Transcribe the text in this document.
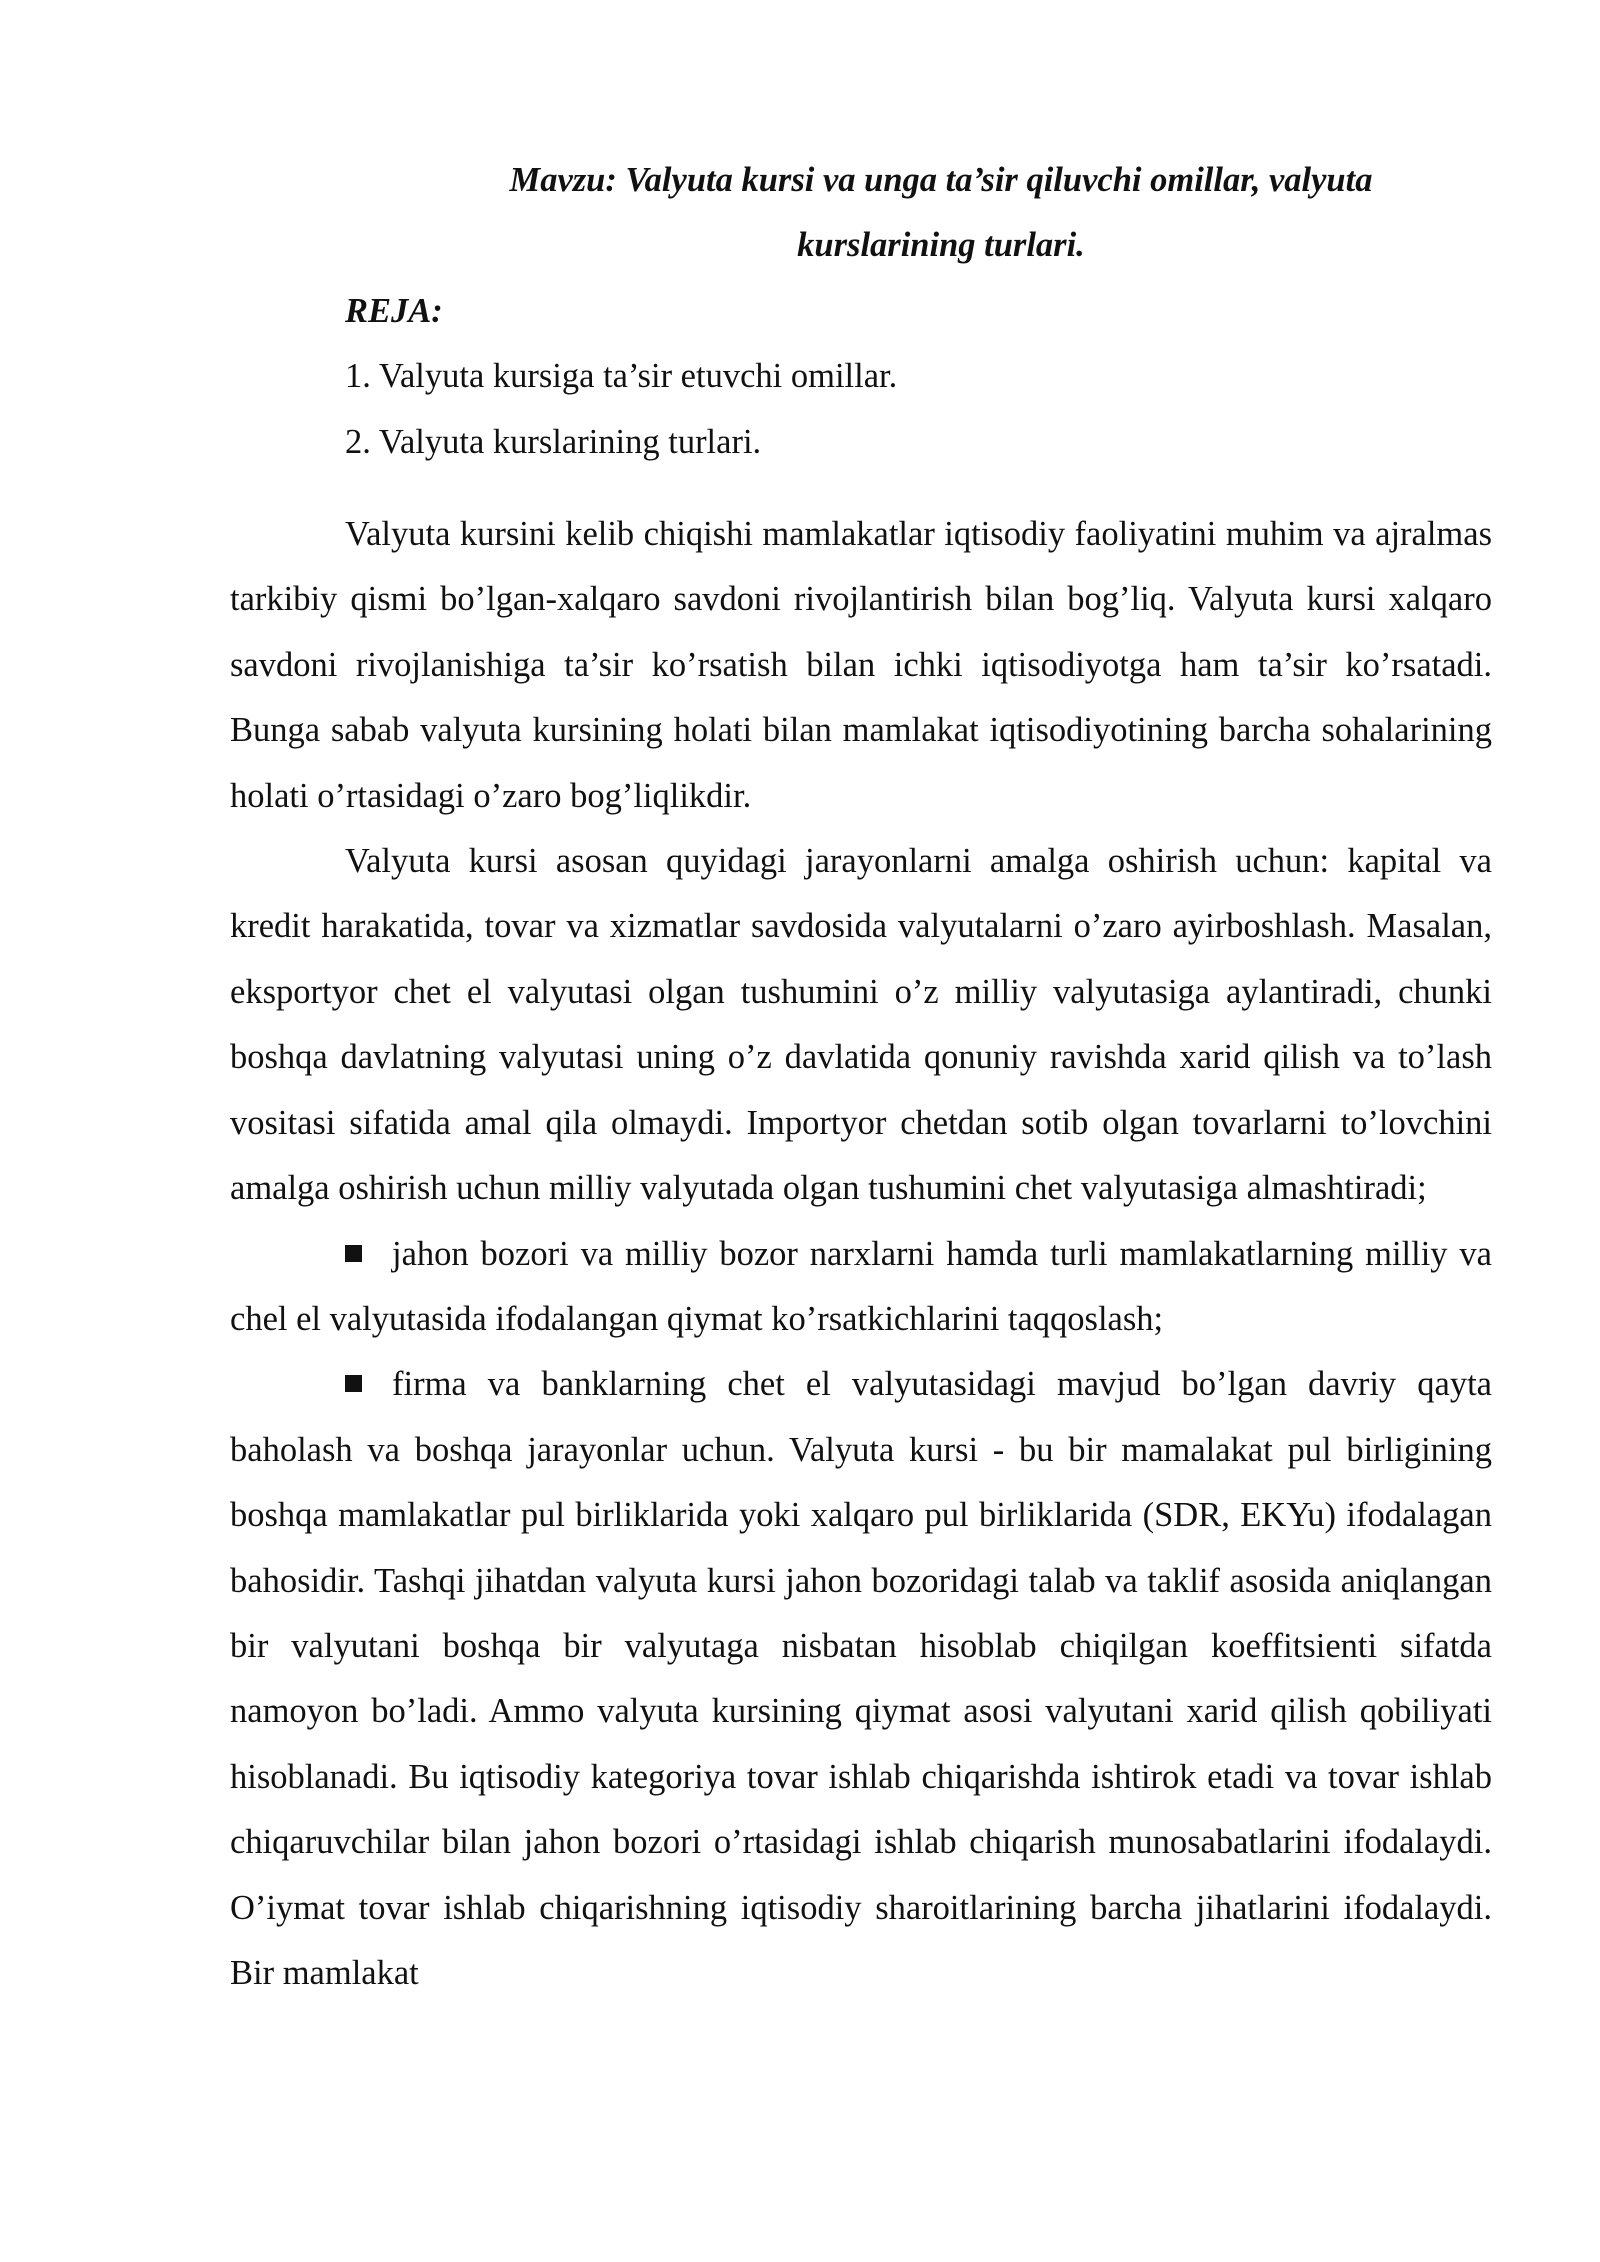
Mavzu: Valyuta kursi va unga ta’sir qiluvchi omillar, valyuta
kurslarining turlari.

REJA:

1. Valyuta kursiga ta’sir etuvchi omillar.

2. Valyuta kurslarining turlari.

Valyuta kursini kelib chiqishi mamlakatlar iqtisodiy faoliyatini muhim va ajralmas tarkibiy qismi bo’lgan-xalqaro savdoni rivojlantirish bilan bog’liq. Valyuta kursi xalqaro savdoni rivojlanishiga ta’sir ko’rsatish bilan ichki iqtisodiyotga ham ta’sir ko’rsatadi. Bunga sabab valyuta kursining holati bilan mamlakat iqtisodiyotining barcha sohalarining holati o’rtasidagi o’zaro bog’liqlikdir.

Valyuta kursi asosan quyidagi jarayonlarni amalga oshirish uchun: kapital va kredit harakatida, tovar va xizmatlar savdosida valyutalarni o’zaro ayirboshlash. Masalan, eksportyor chet el valyutasi olgan tushumini o’z milliy valyutasiga aylantiradi, chunki boshqa davlatning valyutasi uning o’z davlatida qonuniy ravishda xarid qilish va to’lash vositasi sifatida amal qila olmaydi. Importyor chetdan sotib olgan tovarlarni to’lovchini amalga oshirish uchun milliy valyutada olgan tushumini chet valyutasiga almashtiradi;

jahon bozori va milliy bozor narxlarni hamda turli mamlakatlarning milliy va chel el valyutasida ifodalangan qiymat ko’rsatkichlarini taqqoslash;

firma va banklarning chet el valyutasidagi mavjud bo’lgan davriy qayta baholash va boshqa jarayonlar uchun. Valyuta kursi - bu bir mamalakat pul birligining boshqa mamlakatlar pul birliklarida yoki xalqaro pul birliklarida (SDR, EKYu) ifodalagan bahosidir. Tashqi jihatdan valyuta kursi jahon bozoridagi talab va taklif asosida aniqlangan bir valyutani boshqa bir valyutaga nisbatan hisoblab chiqilgan koeffitsienti sifatda namoyon bo’ladi. Ammo valyuta kursining qiymat asosi valyutani xarid qilish qobiliyati hisoblanadi. Bu iqtisodiy kategoriya tovar ishlab chiqarishda ishtirok etadi va tovar ishlab chiqaruvchilar bilan jahon bozori o’rtasidagi ishlab chiqarish munosabatlarini ifodalaydi. O’iymat tovar ishlab chiqarishning iqtisodiy sharoitlarining barcha jihatlarini ifodalaydi. Bir mamlakat
